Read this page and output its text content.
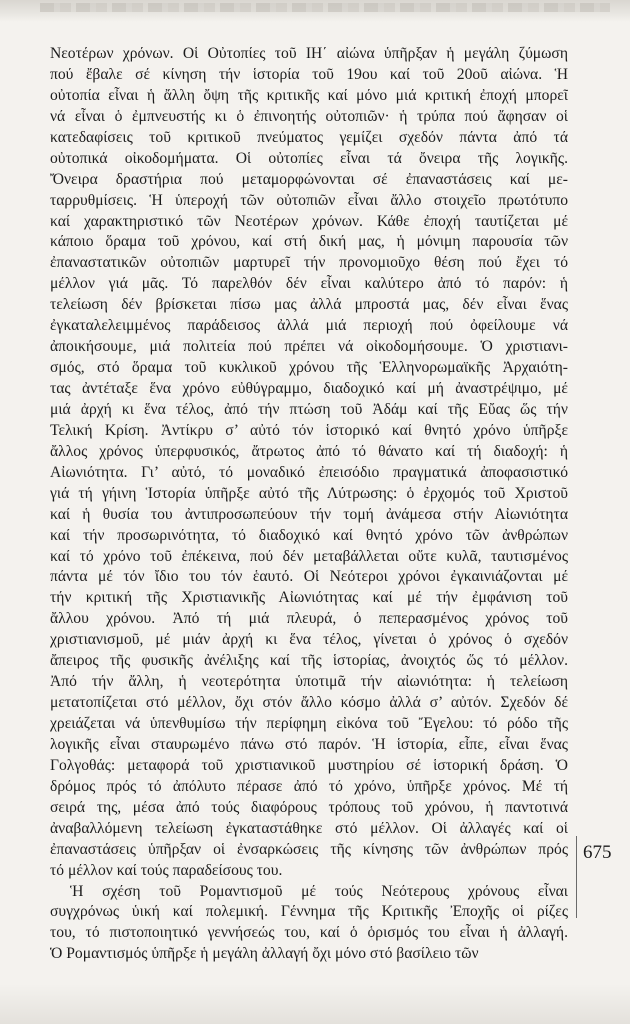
Νεοτέρων χρόνων. Οἱ Οὐτοπίες τοῦ ΙΗ΄ αἰώνα ὑπῆρξαν ἡ μεγάλη ζύμωση
πού ἔβαλε σέ κίνηση τήν ἱστορία τοῦ 19ου καί τοῦ 20οῦ αἰώνα. Ἡ
οὐτοπία εἶναι ἡ ἄλλη ὄψη τῆς κριτικῆς καί μόνο μιά κριτική ἐποχή μπορεῖ
νά εἶναι ὁ ἐμπνευστής κι ὁ ἐπινοητής οὐτοπιῶν· ἡ τρύπα πού ἄφησαν οἱ
κατεδαφίσεις τοῦ κριτικοῦ πνεύματος γεμίζει σχεδόν πάντα ἀπό τά
οὐτοπικά οἰκοδομήματα. Οἱ οὐτοπίες εἶναι τά ὄνειρα τῆς λογικῆς.
Ὄνειρα δραστήρια πού μεταμορφώνονται σέ ἐπαναστάσεις καί με-
ταρρυθμίσεις. Ἡ ὑπεροχή τῶν οὐτοπιῶν εἶναι ἄλλο στοιχεῖο πρωτότυπο
καί χαρακτηριστικό τῶν Νεοτέρων χρόνων. Κάθε ἐποχή ταυτίζεται μέ
κάποιο ὅραμα τοῦ χρόνου, καί στή δική μας, ἡ μόνιμη παρουσία τῶν
ἐπαναστατικῶν οὐτοπιῶν μαρτυρεῖ τήν προνομιοῦχο θέση πού ἔχει τό
μέλλον γιά μᾶς. Τό παρελθόν δέν εἶναι καλύτερο ἀπό τό παρόν: ἡ
τελείωση δέν βρίσκεται πίσω μας ἀλλά μπροστά μας, δέν εἶναι ἕνας
ἐγκαταλελειμμένος παράδεισος ἀλλά μιά περιοχή πού ὀφείλουμε νά
ἀποικήσουμε, μιά πολιτεία πού πρέπει νά οἰκοδομήσουμε. Ὁ χριστιανι-
σμός, στό ὅραμα τοῦ κυκλικοῦ χρόνου τῆς Ἑλληνορωμαϊκῆς Ἀρχαιότη-
τας ἀντέταξε ἕνα χρόνο εὐθύγραμμο, διαδοχικό καί μή ἀναστρέψιμο, μέ
μιά ἀρχή κι ἕνα τέλος, ἀπό τήν πτώση τοῦ Ἀδάμ καί τῆς Εὔας ὥς τήν
Τελική Κρίση. Ἀντίκρυ σ’ αὐτό τόν ἱστορικό καί θνητό χρόνο ὑπῆρξε
ἄλλος χρόνος ὑπερφυσικός, ἄτρωτος ἀπό τό θάνατο καί τή διαδοχή: ἡ
Αἰωνιότητα. Γι’ αὐτό, τό μοναδικό ἐπεισόδιο πραγματικά ἀποφασιστικό
γιά τή γήινη Ἱστορία ὑπῆρξε αὐτό τῆς Λύτρωσης: ὁ ἐρχομός τοῦ Χριστοῦ
καί ἡ θυσία του ἀντιπροσωπεύουν τήν τομή ἀνάμεσα στήν Αἰωνιότητα
καί τήν προσωρινότητα, τό διαδοχικό καί θνητό χρόνο τῶν ἀνθρώπων
καί τό χρόνο τοῦ ἐπέκεινα, πού δέν μεταβάλλεται οὔτε κυλᾶ, ταυτισμένος
πάντα μέ τόν ἴδιο του τόν ἑαυτό. Οἱ Νεότεροι χρόνοι ἐγκαινιάζονται μέ
τήν κριτική τῆς Χριστιανικῆς Αἰωνιότητας καί μέ τήν ἐμφάνιση τοῦ
ἄλλου χρόνου. Ἀπό τή μιά πλευρά, ὁ πεπερασμένος χρόνος τοῦ
χριστιανισμοῦ, μέ μιάν ἀρχή κι ἕνα τέλος, γίνεται ὁ χρόνος ὁ σχεδόν
ἄπειρος τῆς φυσικῆς ἀνέλιξης καί τῆς ἱστορίας, ἀνοιχτός ὥς τό μέλλον.
Ἀπό τήν ἄλλη, ἡ νεοτερότητα ὑποτιμᾶ τήν αἰωνιότητα: ἡ τελείωση
μετατοπίζεται στό μέλλον, ὄχι στόν ἄλλο κόσμο ἀλλά σ’ αὐτόν. Σχεδόν δέ
χρειάζεται νά ὑπενθυμίσω τήν περίφημη εἰκόνα τοῦ Ἔγελου: τό ρόδο τῆς
λογικῆς εἶναι σταυρωμένο πάνω στό παρόν. Ἡ ἱστορία, εἶπε, εἶναι ἕνας
Γολγοθάς: μεταφορά τοῦ χριστιανικοῦ μυστηρίου σέ ἱστορική δράση. Ὁ
δρόμος πρός τό ἀπόλυτο πέρασε ἀπό τό χρόνο, ὑπῆρξε χρόνος. Μέ τή
σειρά της, μέσα ἀπό τούς διαφόρους τρόπους τοῦ χρόνου, ἡ παντοτινά
ἀναβαλλόμενη τελείωση ἐγκαταστάθηκε στό μέλλον. Οἱ ἀλλαγές καί οἱ
ἐπαναστάσεις ὑπῆρξαν οἱ ἐνσαρκώσεις τῆς κίνησης τῶν ἀνθρώπων πρός
τό μέλλον καί τούς παραδείσους του.
Ἡ σχέση τοῦ Ρομαντισμοῦ μέ τούς Νεότερους χρόνους εἶναι
συγχρόνως ὑική καί πολεμική. Γέννημα τῆς Κριτικῆς Ἐποχῆς οἱ ρίζες
του, τό πιστοποιητικό γεννήσεώς του, καί ὁ ὁρισμός του εἶναι ἡ ἀλλαγή.
Ὁ Ρομαντισμός ὑπῆρξε ἡ μεγάλη ἀλλαγή ὄχι μόνο στό βασίλειο τῶν
675
